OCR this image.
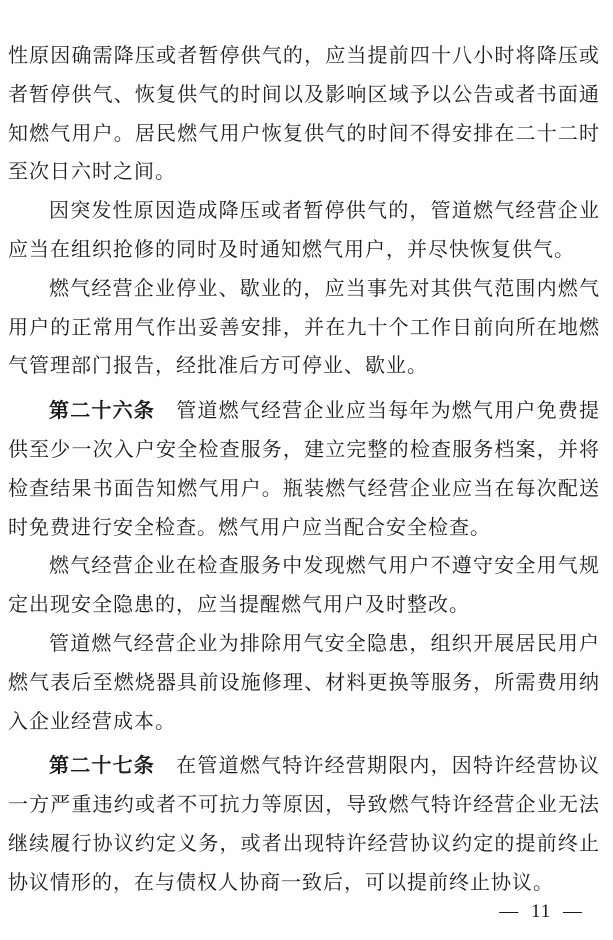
性原因确需降压或者暂停供气的，应当提前四十八小时将降压或
者暂停供气、恢复供气的时间以及影响区域予以公告或者书面通
知燃气用户。居民燃气用户恢复供气的时间不得安排在二十二时
至次日六时之间。
因突发性原因造成降压或者暂停供气的，管道燃气经营企业
应当在组织抢修的同时及时通知燃气用户，并尽快恢复供气。
燃气经营企业停业、歇业的，应当事先对其供气范围内燃气
用户的正常用气作出妥善安排，并在九十个工作日前向所在地燃
气管理部门报告，经批准后方可停业、歇业。
第二十六条　管道燃气经营企业应当每年为燃气用户免费提
供至少一次入户安全检查服务，建立完整的检查服务档案，并将
检查结果书面告知燃气用户。瓶装燃气经营企业应当在每次配送
时免费进行安全检查。燃气用户应当配合安全检查。
燃气经营企业在检查服务中发现燃气用户不遵守安全用气规
定出现安全隐患的，应当提醒燃气用户及时整改。
管道燃气经营企业为排除用气安全隐患，组织开展居民用户
燃气表后至燃烧器具前设施修理、材料更换等服务，所需费用纳
入企业经营成本。
第二十七条　在管道燃气特许经营期限内，因特许经营协议
一方严重违约或者不可抗力等原因，导致燃气特许经营企业无法
继续履行协议约定义务，或者出现特许经营协议约定的提前终止
协议情形的，在与债权人协商一致后，可以提前终止协议。
— 11 —
